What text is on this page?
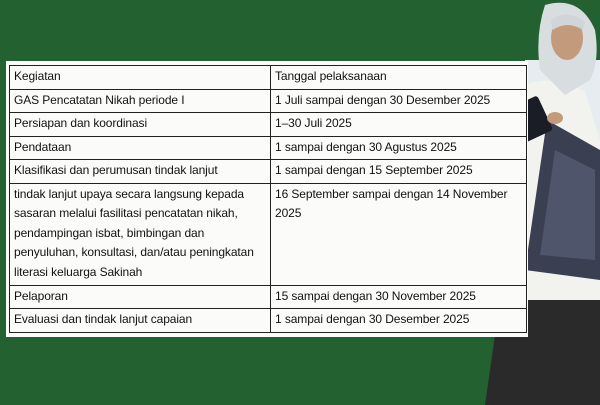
Kegiatan	Tanggal pelaksanaan
GAS Pencatatan Nikah periode I	1 Juli sampai dengan 30 Desember 2025
Persiapan dan koordinasi	1–30 Juli 2025
Pendataan	1 sampai dengan 30 Agustus 2025
Klasifikasi dan perumusan tindak lanjut	1 sampai dengan 15 September 2025
tindak lanjut upaya secara langsung kepada sasaran melalui fasilitasi pencatatan nikah, pendampingan isbat, bimbingan dan penyuluhan, konsultasi, dan/atau peningkatan literasi keluarga Sakinah	16 September sampai dengan 14 November 2025
Pelaporan	15 sampai dengan 30 November 2025
Evaluasi dan tindak lanjut capaian	1 sampai dengan 30 Desember 2025
